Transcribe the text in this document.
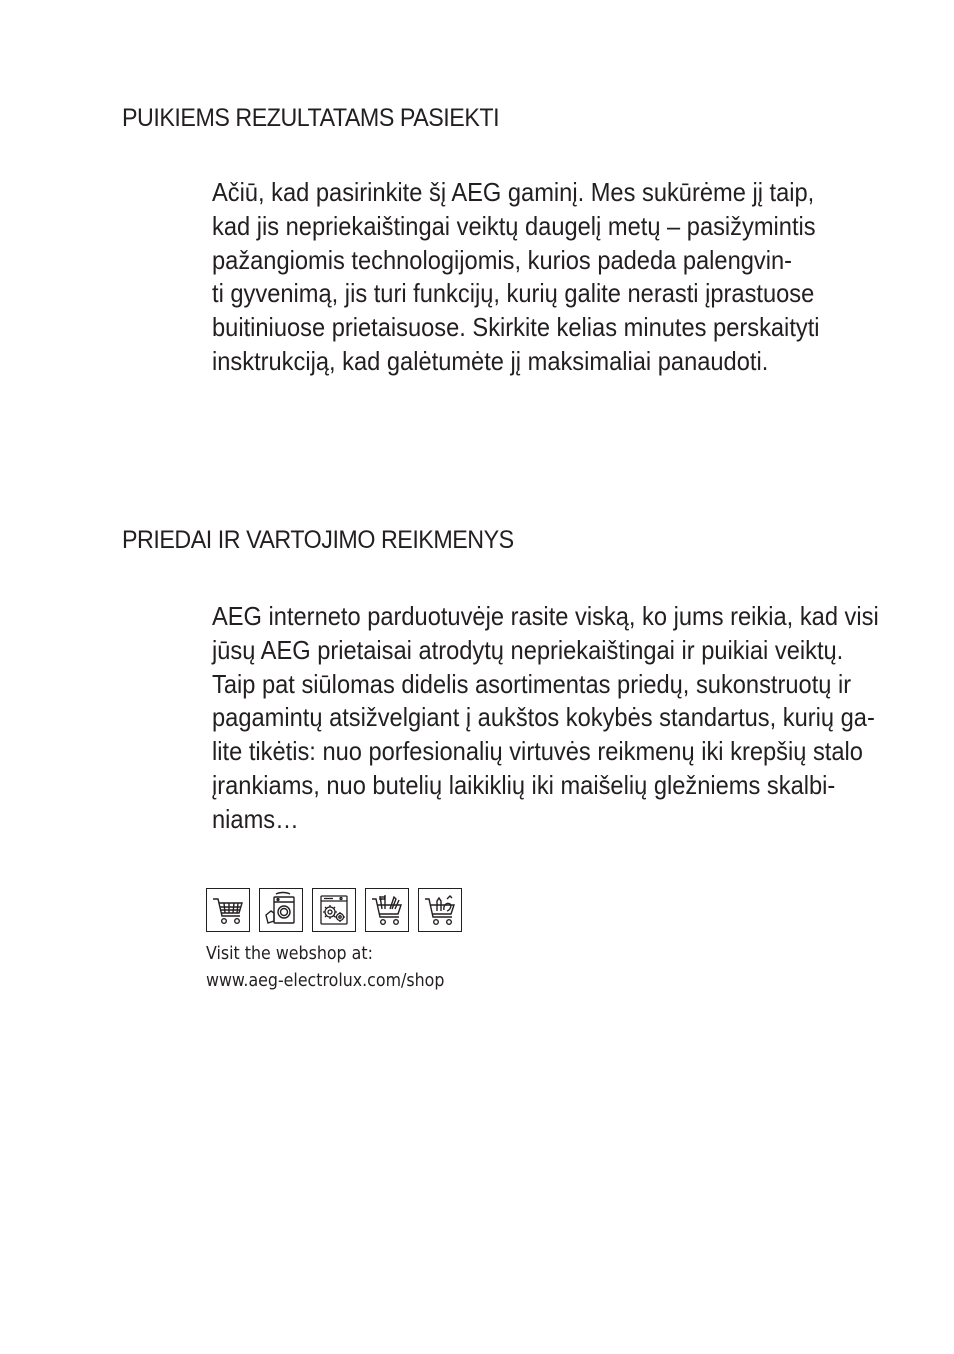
PUIKIEMS REZULTATAMS PASIEKTI
Ačiū, kad pasirinkite šį AEG gaminį. Mes sukūrėme jį taip,
kad jis nepriekaištingai veiktų daugelį metų – pasižymintis
pažangiomis technologijomis, kurios padeda palengvin-
ti gyvenimą, jis turi funkcijų, kurių galite nerasti įprastuose
buitiniuose prietaisuose. Skirkite kelias minutes perskaityti
insktrukciją, kad galėtumėte jį maksimaliai panaudoti.
PRIEDAI IR VARTOJIMO REIKMENYS
AEG interneto parduotuvėje rasite viską, ko jums reikia, kad visi
jūsų AEG prietaisai atrodytų nepriekaištingai ir puikiai veiktų.
Taip pat siūlomas didelis asortimentas priedų, sukonstruotų ir
pagamintų atsižvelgiant į aukštos kokybės standartus, kurių ga-
lite tikėtis: nuo porfesionalių virtuvės reikmenų iki krepšių stalo
įrankiams, nuo butelių laikiklių iki maišelių gležniems skalbi-
niams…
Visit the webshop at:
www.aeg-electrolux.com/shop
